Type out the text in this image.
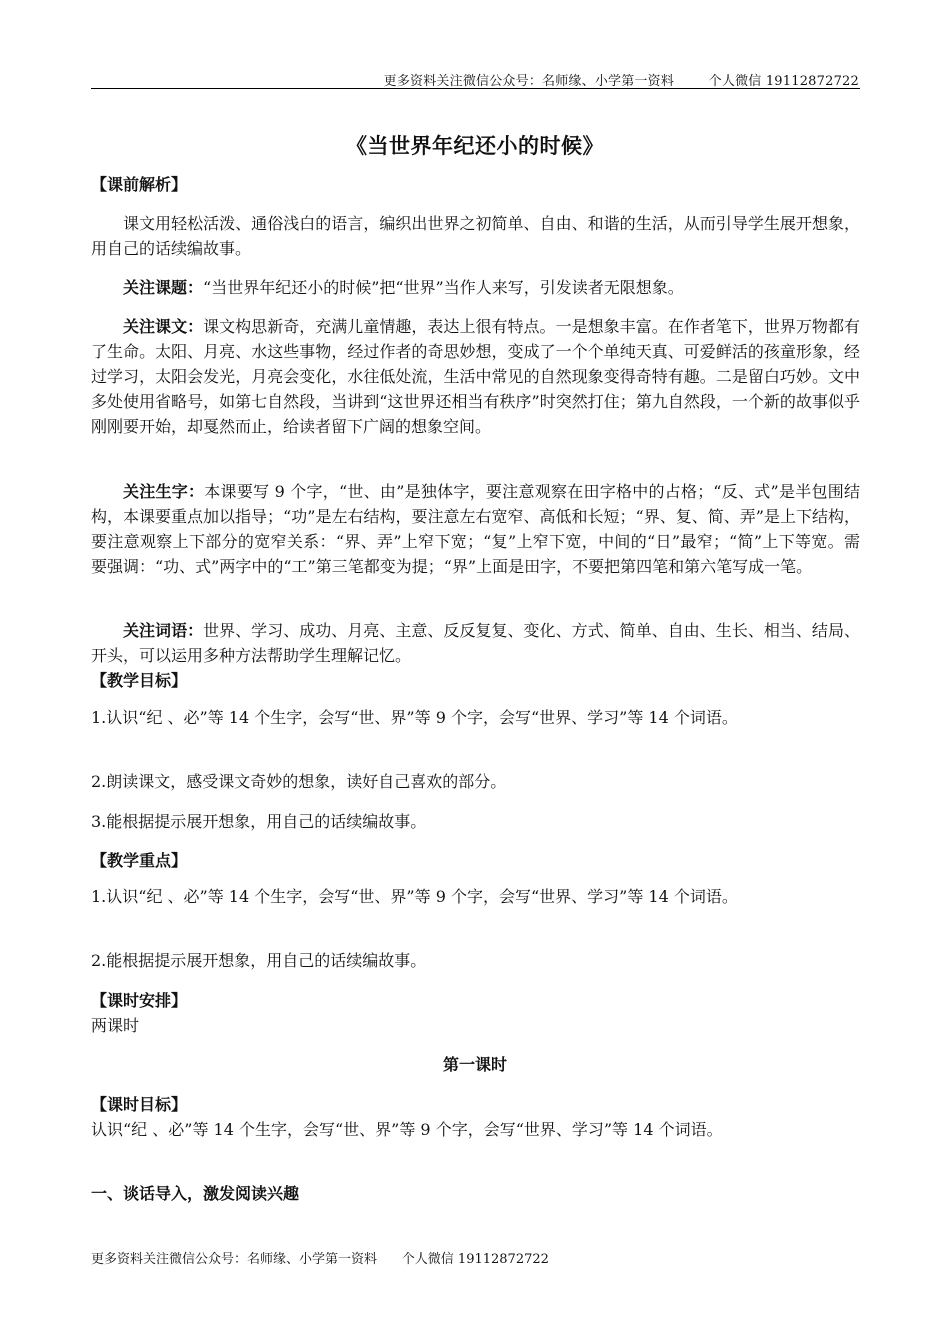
更多资料关注微信公众号：名师缘、小学第一资料        个人微信 19112872722
《当世界年纪还小的时候》
【课前解析】
课文用轻松活泼、通俗浅白的语言，编织出世界之初简单、自由、和谐的生活，从而引导学生展开想象，用自己的话续编故事。
关注课题：“当世界年纪还小的时候”把“世界”当作人来写，引发读者无限想象。
关注课文：课文构思新奇，充满儿童情趣，表达上很有特点。一是想象丰富。在作者笔下，世界万物都有了生命。太阳、月亮、水这些事物，经过作者的奇思妙想，变成了一个个单纯天真、可爱鲜活的孩童形象，经过学习，太阳会发光，月亮会变化，水往低处流，生活中常见的自然现象变得奇特有趣。二是留白巧妙。文中多处使用省略号，如第七自然段，当讲到“这世界还相当有秩序”时突然打住；第九自然段，一个新的故事似乎刚刚要开始，却戛然而止，给读者留下广阔的想象空间。
关注生字：本课要写 9 个字，“世、由”是独体字，要注意观察在田字格中的占格；“反、式”是半包围结构，本课要重点加以指导；“功”是左右结构，要注意左右宽窄、高低和长短；“界、复、简、弄”是上下结构，要注意观察上下部分的宽窄关系：“界、弄”上窄下宽；“复”上窄下宽，中间的“日”最窄；“简”上下等宽。需要强调：“功、式”两字中的“工”第三笔都变为提；“界”上面是田字，不要把第四笔和第六笔写成一笔。
关注词语：世界、学习、成功、月亮、主意、反反复复、变化、方式、简单、自由、生长、相当、结局、开头，可以运用多种方法帮助学生理解记忆。
【教学目标】
1.认识“纪 、必”等 14 个生字，会写“世、界”等 9 个字，会写“世界、学习”等 14 个词语。
2.朗读课文，感受课文奇妙的想象，读好自己喜欢的部分。
3.能根据提示展开想象，用自己的话续编故事。
【教学重点】
1.认识“纪 、必”等 14 个生字，会写“世、界”等 9 个字，会写“世界、学习”等 14 个词语。
2.能根据提示展开想象，用自己的话续编故事。
【课时安排】
两课时
第一课时
【课时目标】
认识“纪 、必”等 14 个生字，会写“世、界”等 9 个字，会写“世界、学习”等 14 个词语。
一、谈话导入，激发阅读兴趣
更多资料关注微信公众号：名师缘、小学第一资料      个人微信 19112872722
